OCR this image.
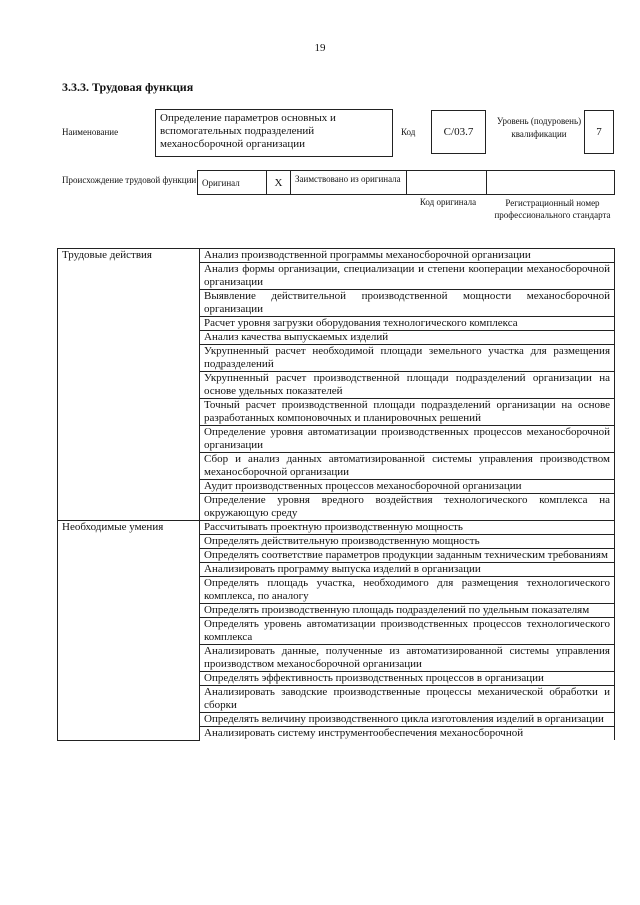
19
3.3.3. Трудовая функция
Наименование
Определение параметров основных и вспомогательных подразделений механосборочной организации
Код	С/03.7
Уровень (подуровень) квалификации	7
Происхождение трудовой функции Оригинал	X	Заимствовано из оригинала
Код оригинала	Регистрационный номер профессионального стандарта
Трудовые действия	Анализ производственной программы механосборочной организации
	Анализ формы организации, специализации и степени кооперации механосборочной организации
	Выявление действительной производственной мощности механосборочной организации
	Расчет уровня загрузки оборудования технологического комплекса
	Анализ качества выпускаемых изделий
	Укрупненный расчет необходимой площади земельного участка для размещения подразделений
	Укрупненный расчет производственной площади подразделений организации на основе удельных показателей
	Точный расчет производственной площади подразделений организации на основе разработанных компоновочных и планировочных решений
	Определение уровня автоматизации производственных процессов механосборочной организации
	Сбор и анализ данных автоматизированной системы управления производством механосборочной организации
	Аудит производственных процессов механосборочной организации
	Определение уровня вредного воздействия технологического комплекса на окружающую среду
Необходимые умения	Рассчитывать проектную производственную мощность
	Определять действительную производственную мощность
	Определять соответствие параметров продукции заданным техническим требованиям
	Анализировать программу выпуска изделий в организации
	Определять площадь участка, необходимого для размещения технологического комплекса, по аналогу
	Определять производственную площадь подразделений по удельным показателям
	Определять уровень автоматизации производственных процессов технологического комплекса
	Анализировать данные, полученные из автоматизированной системы управления производством механосборочной организации
	Определять эффективность производственных процессов в организации
	Анализировать заводские производственные процессы механической обработки и сборки
	Определять величину производственного цикла изготовления изделий в организации
	Анализировать систему инструментообеспечения механосборочной
